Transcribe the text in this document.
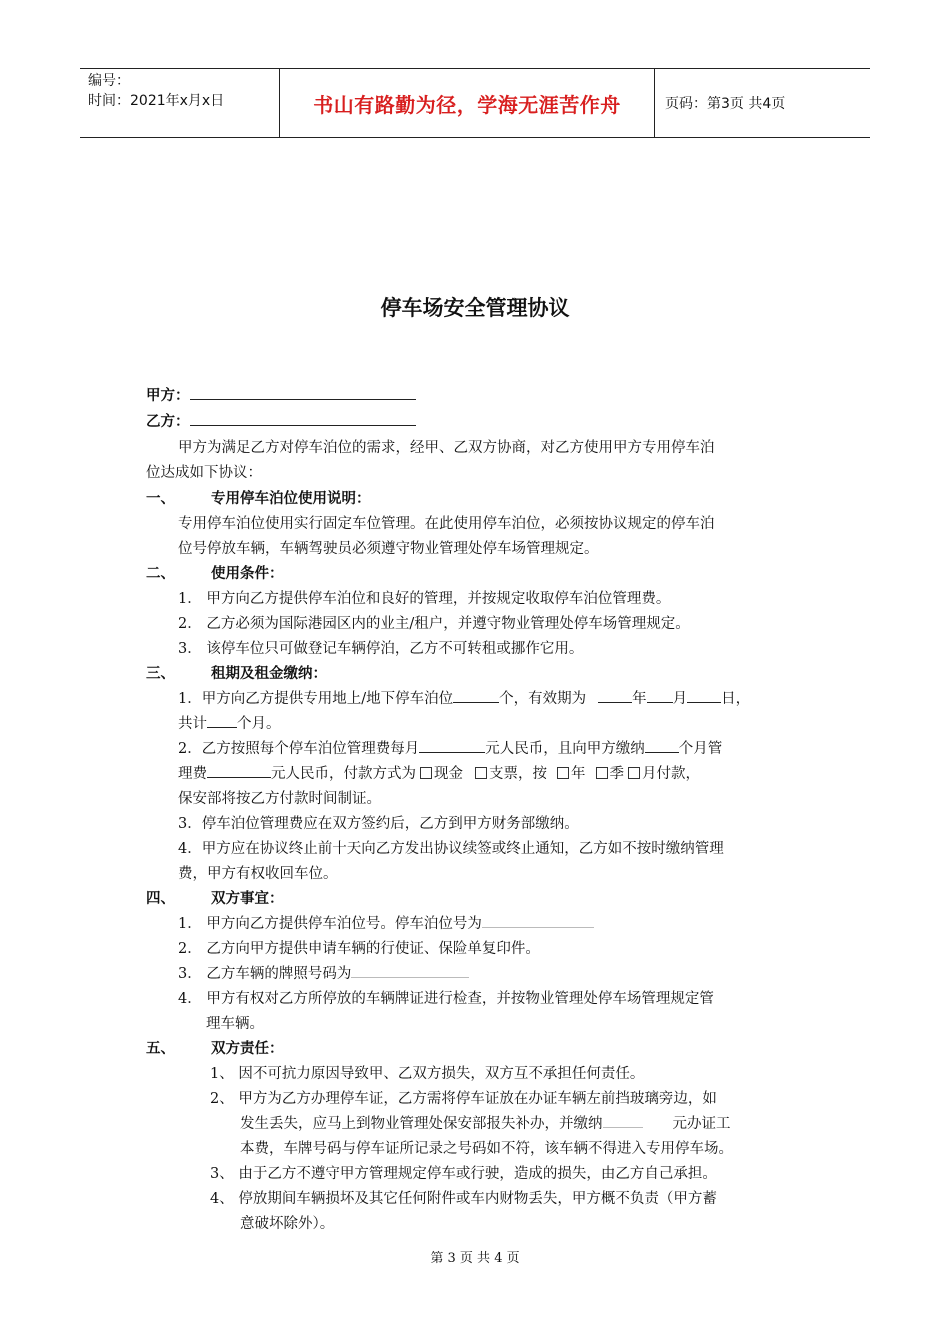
编号：
时间：2021年x月x日	书山有路勤为径，学海无涯苦作舟	页码：第3页 共4页
停车场安全管理协议
甲方：
乙方：
甲方为满足乙方对停车泊位的需求，经甲、乙双方协商，对乙方使用甲方专用停车泊
位达成如下协议：
一、 专用停车泊位使用说明：
专用停车泊位使用实行固定车位管理。在此使用停车泊位，必须按协议规定的停车泊
位号停放车辆，车辆驾驶员必须遵守物业管理处停车场管理规定。
二、 使用条件：
1． 甲方向乙方提供停车泊位和良好的管理，并按规定收取停车泊位管理费。
2． 乙方必须为国际港园区内的业主/租户，并遵守物业管理处停车场管理规定。
3． 该停车位只可做登记车辆停泊，乙方不可转租或挪作它用。
三、 租期及租金缴纳：
1．甲方向乙方提供专用地上/地下停车泊位	个，有效期为	年 月 日，
共计 个月。
2．乙方按照每个停车泊位管理费每月	元人民币，且向甲方缴纳 个月管
理费	元人民币，付款方式为 现金 支票，按 年 季 月付款，
保安部将按乙方付款时间制证。
3．停车泊位管理费应在双方签约后，乙方到甲方财务部缴纳。
4．甲方应在协议终止前十天向乙方发出协议续签或终止通知，乙方如不按时缴纳管理
费，甲方有权收回车位。
四、 双方事宜：
1． 甲方向乙方提供停车泊位号。停车泊位号为
2． 乙方向甲方提供申请车辆的行使证、保险单复印件。
3． 乙方车辆的牌照号码为
4． 甲方有权对乙方所停放的车辆牌证进行检查，并按物业管理处停车场管理规定管
理车辆。
五、 双方责任：
1、 因不可抗力原因导致甲、乙双方损失，双方互不承担任何责任。
2、 甲方为乙方办理停车证，乙方需将停车证放在办证车辆左前挡玻璃旁边，如
发生丢失，应马上到物业管理处保安部报失补办，并缴纳	元办证工
本费，车牌号码与停车证所记录之号码如不符，该车辆不得进入专用停车场。
3、 由于乙方不遵守甲方管理规定停车或行驶，造成的损失，由乙方自己承担。
4、 停放期间车辆损坏及其它任何附件或车内财物丢失，甲方概不负责（甲方蓄
意破坏除外）。
第 3 页 共 4 页
